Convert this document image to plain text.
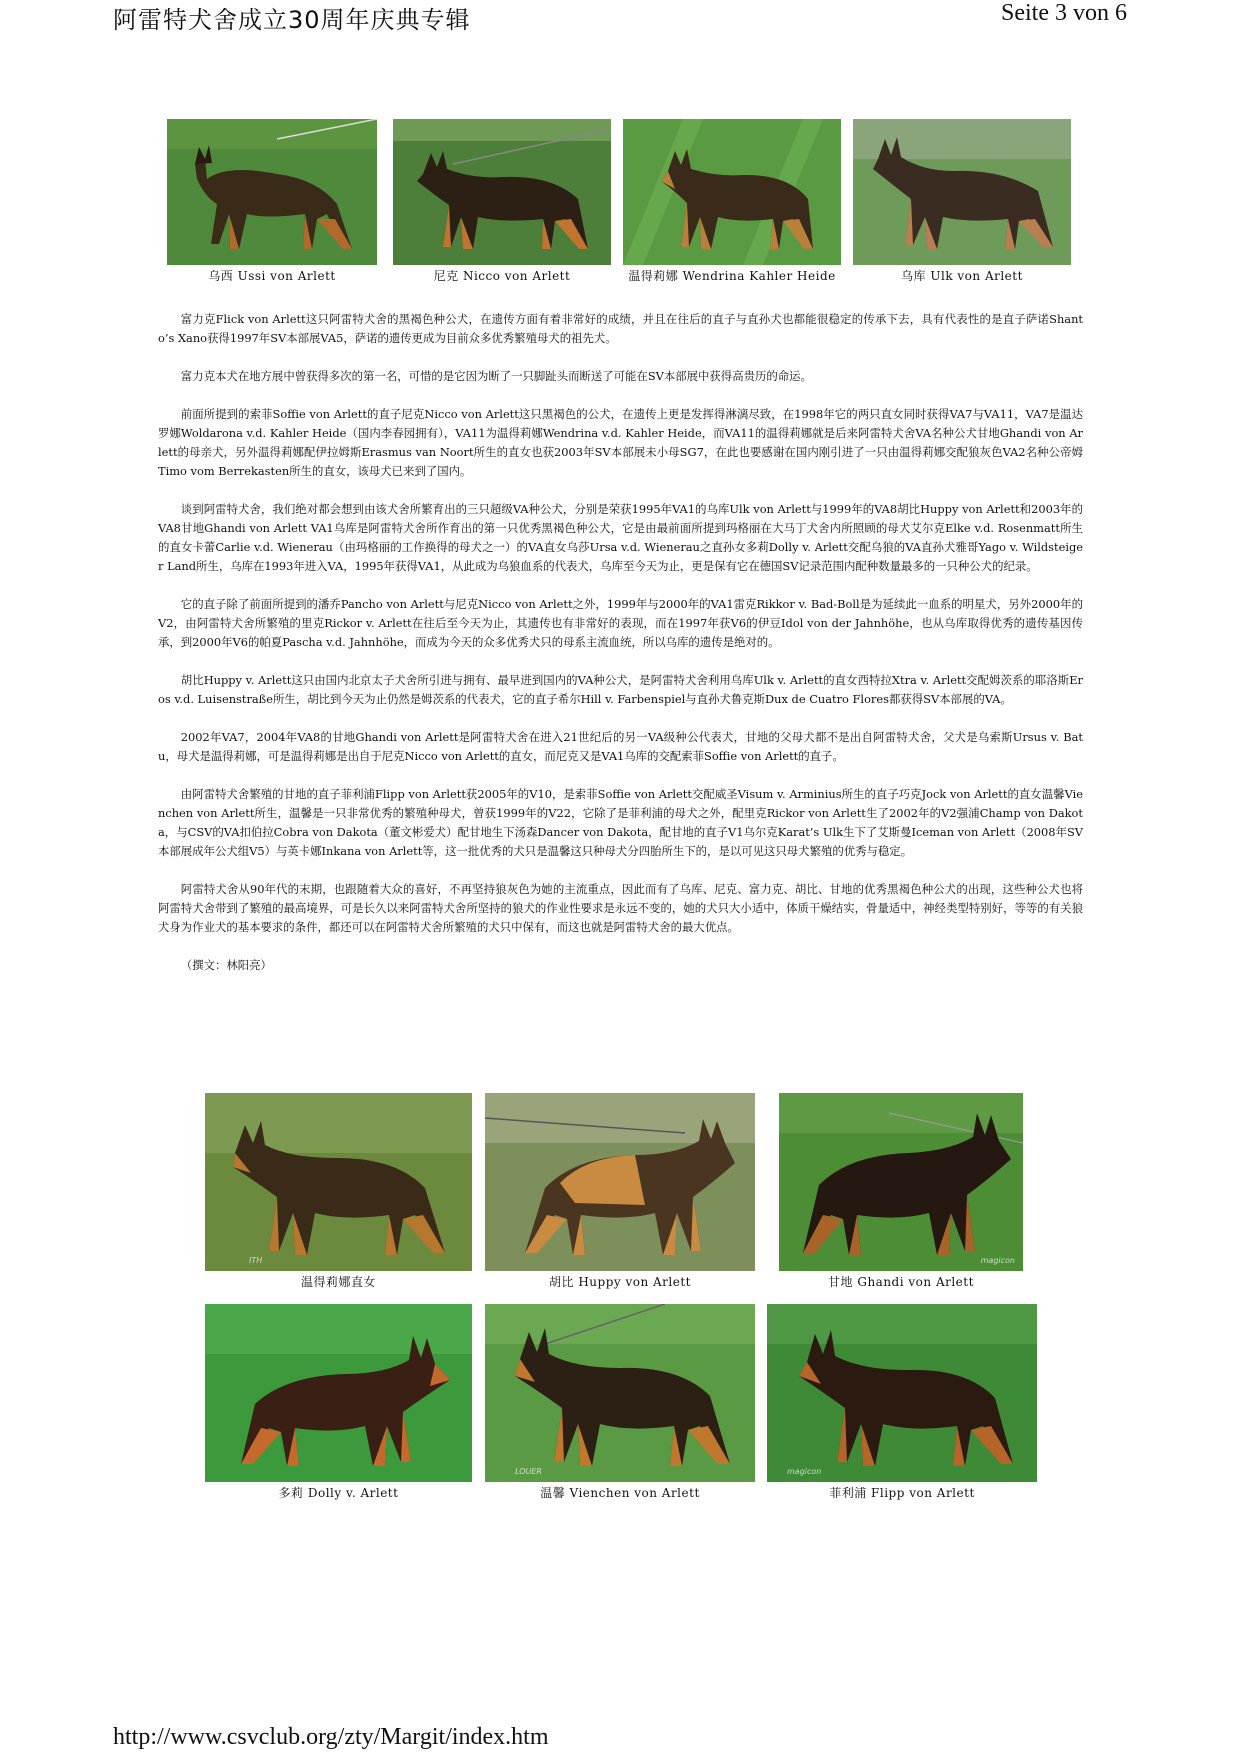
阿雷特犬舍成立30周年庆典专辑	Seite 3 von 6
乌西 Ussi von Arlett	尼克 Nicco von Arlett	温得莉娜 Wendrina Kahler Heide	乌库 Ulk von Arlett

富力克Flick von Arlett这只阿雷特犬舍的黑褐色种公犬，在遗传方面有着非常好的成绩，并且在往后的直子与直孙犬也都能很稳定的传承下去，具有代表性的是直子萨诺Shanto’s Xano获得1997年SV本部展VA5，萨诺的遗传更成为目前众多优秀繁殖母犬的祖先犬。

富力克本犬在地方展中曾获得多次的第一名，可惜的是它因为断了一只脚趾头而断送了可能在SV本部展中获得高贵历的命运。

前面所提到的索菲Soffie von Arlett的直子尼克Nicco von Arlett这只黑褐色的公犬，在遗传上更是发挥得淋漓尽致，在1998年它的两只直女同时获得VA7与VA11，VA7是温达罗娜Woldarona v.d. Kahler Heide（国内李春园拥有），VA11为温得莉娜Wendrina v.d. Kahler Heide，而VA11的温得莉娜就是后来阿雷特犬舍VA名种公犬甘地Ghandi von Arlett的母亲犬，另外温得莉娜配伊拉姆斯Erasmus van Noort所生的直女也获2003年SV本部展未小母SG7，在此也要感谢在国内刚引进了一只由温得莉娜交配狼灰色VA2名种公帝姆Timo vom Berrekasten所生的直女，该母犬已来到了国内。

谈到阿雷特犬舍，我们绝对都会想到由该犬舍所繁育出的三只超级VA种公犬，分别是荣获1995年VA1的乌库Ulk von Arlett与1999年的VA8胡比Huppy von Arlett和2003年的VA8甘地Ghandi von Arlett VA1乌库是阿雷特犬舍所作育出的第一只优秀黑褐色种公犬，它是由最前面所提到玛格丽在大马丁犬舍内所照顾的母犬艾尔克Elke v.d. Rosenmatt所生的直女卡蕾Carlie v.d. Wienerau（由玛格丽的工作换得的母犬之一）的VA直女乌莎Ursa v.d. Wienerau之直孙女多莉Dolly v. Arlett交配乌狼的VA直孙犬雅哥Yago v. Wildsteiger Land所生，乌库在1993年进入VA，1995年获得VA1，从此成为乌狼血系的代表犬，乌库至今天为止，更是保有它在德国SV记录范围内配种数量最多的一只种公犬的纪录。

它的直子除了前面所提到的潘乔Pancho von Arlett与尼克Nicco von Arlett之外，1999年与2000年的VA1雷克Rikkor v. Bad-Boll是为延续此一血系的明星犬，另外2000年的V2，由阿雷特犬舍所繁殖的里克Rickor v. Arlett在往后至今天为止，其遗传也有非常好的表现，而在1997年获V6的伊豆Idol von der Jahnhöhe，也从乌库取得优秀的遗传基因传承，到2000年V6的帕夏Pascha v.d. Jahnhöhe，而成为今天的众多优秀犬只的母系主流血统，所以乌库的遗传是绝对的。

胡比Huppy v. Arlett这只由国内北京太子犬舍所引进与拥有、最早进到国内的VA种公犬，是阿雷特犬舍利用乌库Ulk v. Arlett的直女西特拉Xtra v. Arlett交配姆茨系的耶洛斯Eros v.d. Luisenstraße所生，胡比到今天为止仍然是姆茨系的代表犬，它的直子希尔Hill v. Farbenspiel与直孙犬鲁克斯Dux de Cuatro Flores都获得SV本部展的VA。

2002年VA7，2004年VA8的甘地Ghandi von Arlett是阿雷特犬舍在进入21世纪后的另一VA级种公代表犬，甘地的父母犬都不是出自阿雷特犬舍，父犬是乌索斯Ursus v. Batu，母犬是温得莉娜，可是温得莉娜是出自于尼克Nicco von Arlett的直女，而尼克又是VA1乌库的交配索菲Soffie von Arlett的直子。

由阿雷特犬舍繁殖的甘地的直子菲利浦Flipp von Arlett获2005年的V10，是索菲Soffie von Arlett交配威圣Visum v. Arminius所生的直子巧克Jock von Arlett的直女温馨Vienchen von Arlett所生，温馨是一只非常优秀的繁殖种母犬，曾获1999年的V22，它除了是菲利浦的母犬之外，配里克Rickor von Arlett生了2002年的V2强浦Champ von Dakota，与CSV的VA扣伯拉Cobra von Dakota（董文彬爱犬）配甘地生下汤森Dancer von Dakota，配甘地的直子V1乌尔克Karat’s Ulk生下了艾斯曼Iceman von Arlett（2008年SV本部展成年公犬组V5）与英卡娜Inkana von Arlett等，这一批优秀的犬只是温馨这只种母犬分四胎所生下的，是以可见这只母犬繁殖的优秀与稳定。

阿雷特犬舍从90年代的末期，也跟随着大众的喜好，不再坚持狼灰色为她的主流重点，因此而有了乌库、尼克、富力克、胡比、甘地的优秀黑褐色种公犬的出现，这些种公犬也将阿雷特犬舍带到了繁殖的最高境界，可是长久以来阿雷特犬舍所坚持的狼犬的作业性要求是永远不变的，她的犬只大小适中，体质干燥结实，骨量适中，神经类型特别好，等等的有关狼犬身为作业犬的基本要求的条件，都还可以在阿雷特犬舍所繁殖的犬只中保有，而这也就是阿雷特犬舍的最大优点。

（撰文：林阳亮）

ITH
温得莉娜直女	胡比 Huppy von Arlett
magicon
甘地 Ghandi von Arlett
多莉 Dolly v. Arlett
LOUER
温馨 Vienchen von Arlett
magicon
菲利浦 Flipp von Arlett
http://www.csvclub.org/zty/Margit/index.htm
